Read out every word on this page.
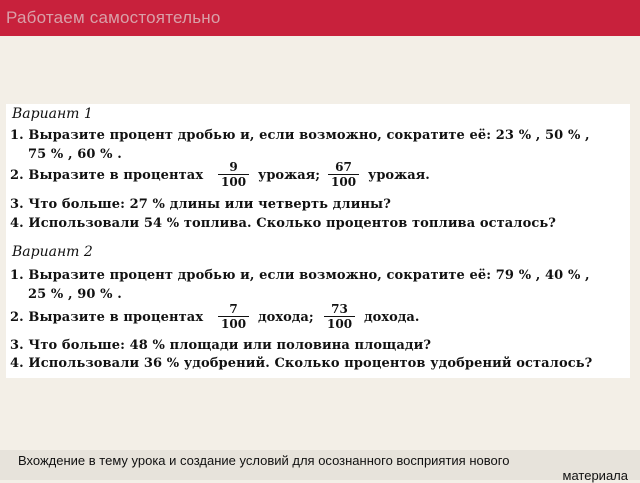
Работаем самостоятельно
Вариант 1
1. Выразите процент дробью и, если возможно, сократите её: 23 % , 50 % ,
75 % , 60 % .
2. Выразите в процентах $\frac{9}{100}$ урожая; $\frac{67}{100}$ урожая.
3. Что больше: 27 % длины или четверть длины?
4. Использовали 54 % топлива. Сколько процентов топлива осталось?
Вариант 2
1. Выразите процент дробью и, если возможно, сократите её: 79 % , 40 % ,
25 % , 90 % .
2. Выразите в процентах $\frac{7}{100}$ дохода; $\frac{73}{100}$ дохода.
3. Что больше: 48 % площади или половина площади?
4. Использовали 36 % удобрений. Сколько процентов удобрений осталось?
Вхождение в тему урока и создание условий для осознанного восприятия нового
материала
